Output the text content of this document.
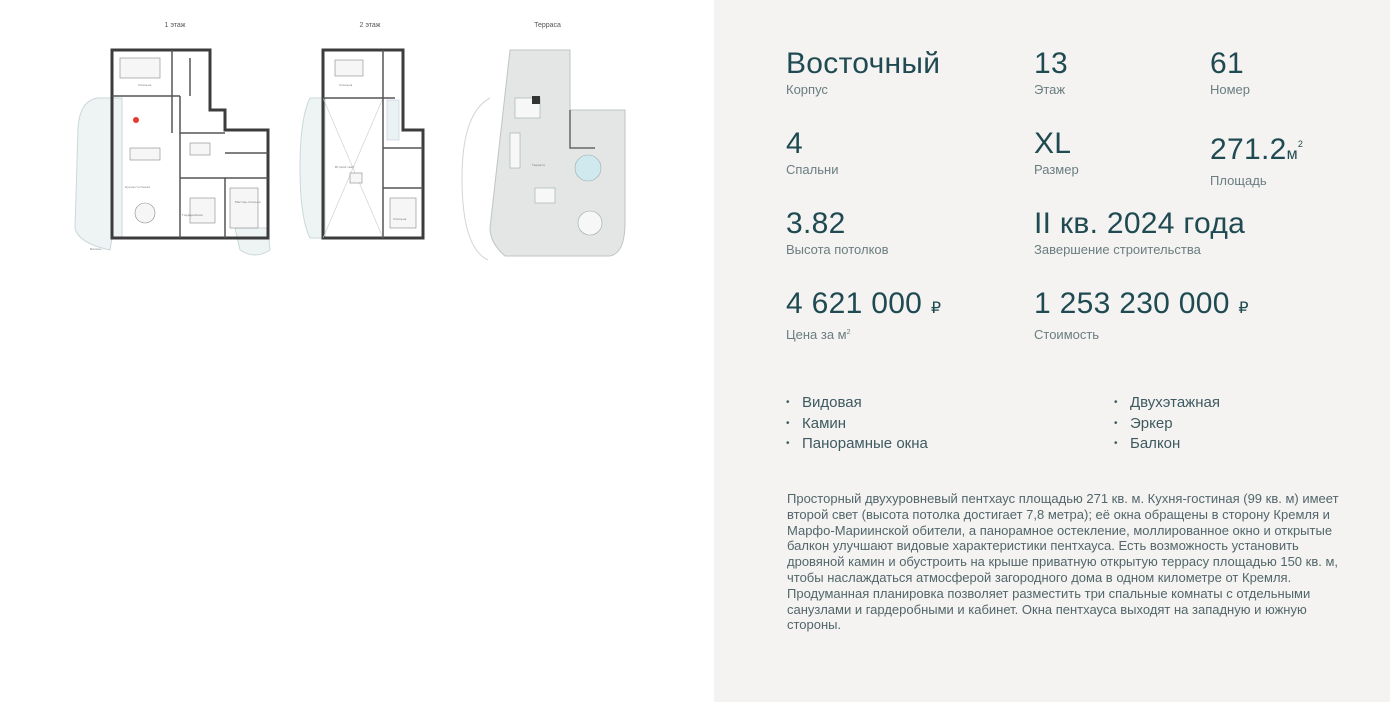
1 этаж
Спальня
Кухня-гостиная
Балкон
Мастер-спальня
Гардеробная
2 этаж
Второй свет
Спальня
Спальня
Терраса
Терраса
Восточный
Корпус
13
Этаж
61
Номер
4
Спальни
XL
Размер
$271.2м^2$
Площадь
3.82
Высота потолков
II кв. 2024 года
Завершение строительства
4 621 000 ₽
Цена за $м^2$
1 253 230 000 ₽
Стоимость
• Видовая
• Камин
• Панорамные окна
• Двухэтажная
• Эркер
• Балкон

Просторный двухуровневый пентхаус площадью 271 кв. м. Кухня-гостиная (99 кв. м) имеет второй свет (высота потолка достигает 7,8 метра); её окна обращены в сторону Кремля и Марфо-Мариинской обители, а панорамное остекление, моллированное окно и открытые балкон улучшают видовые характеристики пентхауса. Есть возможность установить дровяной камин и обустроить на крыше приватную открытую террасу площадью 150 кв. м, чтобы наслаждаться атмосферой загородного дома в одном километре от Кремля. Продуманная планировка позволяет разместить три спальные комнаты с отдельными санузлами и гардеробными и кабинет. Окна пентхауса выходят на западную и южную стороны.
